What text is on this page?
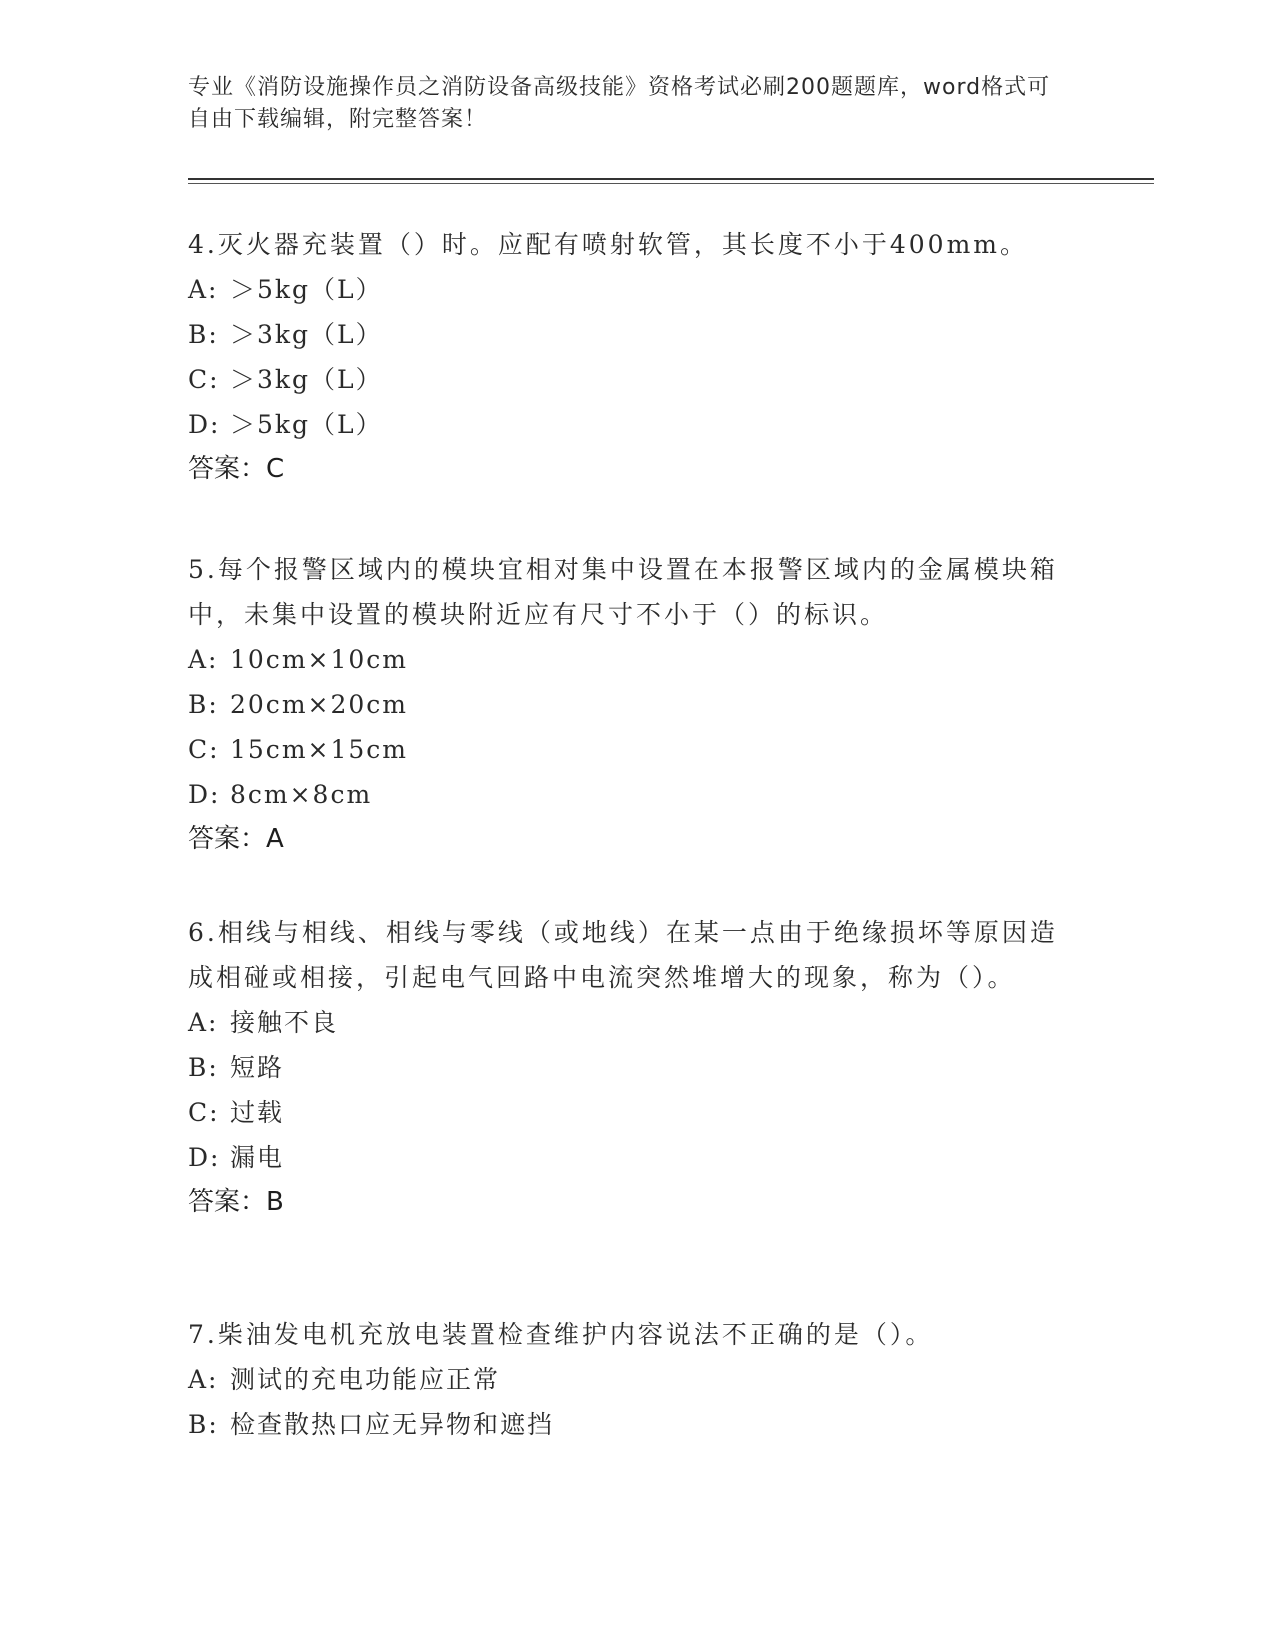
专业《消防设施操作员之消防设备高级技能》资格考试必刷200题题库，word格式可自由下载编辑，附完整答案！
4.灭火器充装置（）时。应配有喷射软管，其长度不小于400mm。
A: ＞5kg（L）
B: ＞3kg（L）
C: ＞3kg（L）
D: ＞5kg（L）
答案：C
5.每个报警区域内的模块宜相对集中设置在本报警区域内的金属模块箱中，未集中设置的模块附近应有尺寸不小于（）的标识。
A: 10cm×10cm
B: 20cm×20cm
C: 15cm×15cm
D: 8cm×8cm
答案：A
6.相线与相线、相线与零线（或地线）在某一点由于绝缘损坏等原因造成相碰或相接，引起电气回路中电流突然堆增大的现象，称为（）。
A: 接触不良
B: 短路
C: 过载
D: 漏电
答案：B
7.柴油发电机充放电装置检查维护内容说法不正确的是（）。
A: 测试的充电功能应正常
B: 检查散热口应无异物和遮挡
